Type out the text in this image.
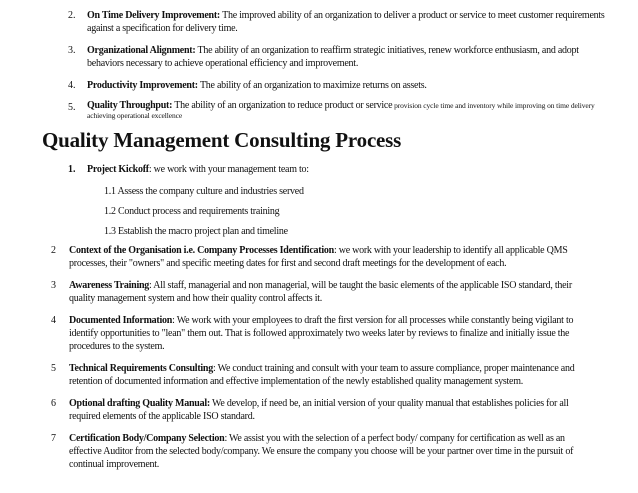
2. On Time Delivery Improvement: The improved ability of an organization to deliver a product or service to meet customer requirements against a specification for delivery time.
3. Organizational Alignment: The ability of an organization to reaffirm strategic initiatives, renew workforce enthusiasm, and adopt behaviors necessary to achieve operational efficiency and improvement.
4. Productivity Improvement: The ability of an organization to maximize returns on assets.
5. Quality Throughput: The ability of an organization to reduce product or service provision cycle time and inventory while improving on time delivery achieving operational excellence
Quality Management Consulting Process
1. Project Kickoff: we work with your management team to:
1.1 Assess the company culture and industries served
1.2 Conduct process and requirements training
1.3 Establish the macro project plan and timeline
2 Context of the Organisation i.e. Company Processes Identification: we work with your leadership to identify all applicable QMS processes, their "owners" and specific meeting dates for first and second draft meetings for the development of each.
3 Awareness Training: All staff, managerial and non managerial, will be taught the basic elements of the applicable ISO standard, their quality management system and how their quality control affects it.
4 Documented Information: We work with your employees to draft the first version for all processes while constantly being vigilant to identify opportunities to "lean" them out. That is followed approximately two weeks later by reviews to finalize and initially issue the procedures to the system.
5 Technical Requirements Consulting: We conduct training and consult with your team to assure compliance, proper maintenance and retention of documented information and effective implementation of the newly established quality management system.
6 Optional drafting Quality Manual: We develop, if need be, an initial version of your quality manual that establishes policies for all required elements of the applicable ISO standard.
7 Certification Body/Company Selection: We assist you with the selection of a perfect body/ company for certification as well as an effective Auditor from the selected body/company. We ensure the company you choose will be your partner over time in the pursuit of continual improvement.
